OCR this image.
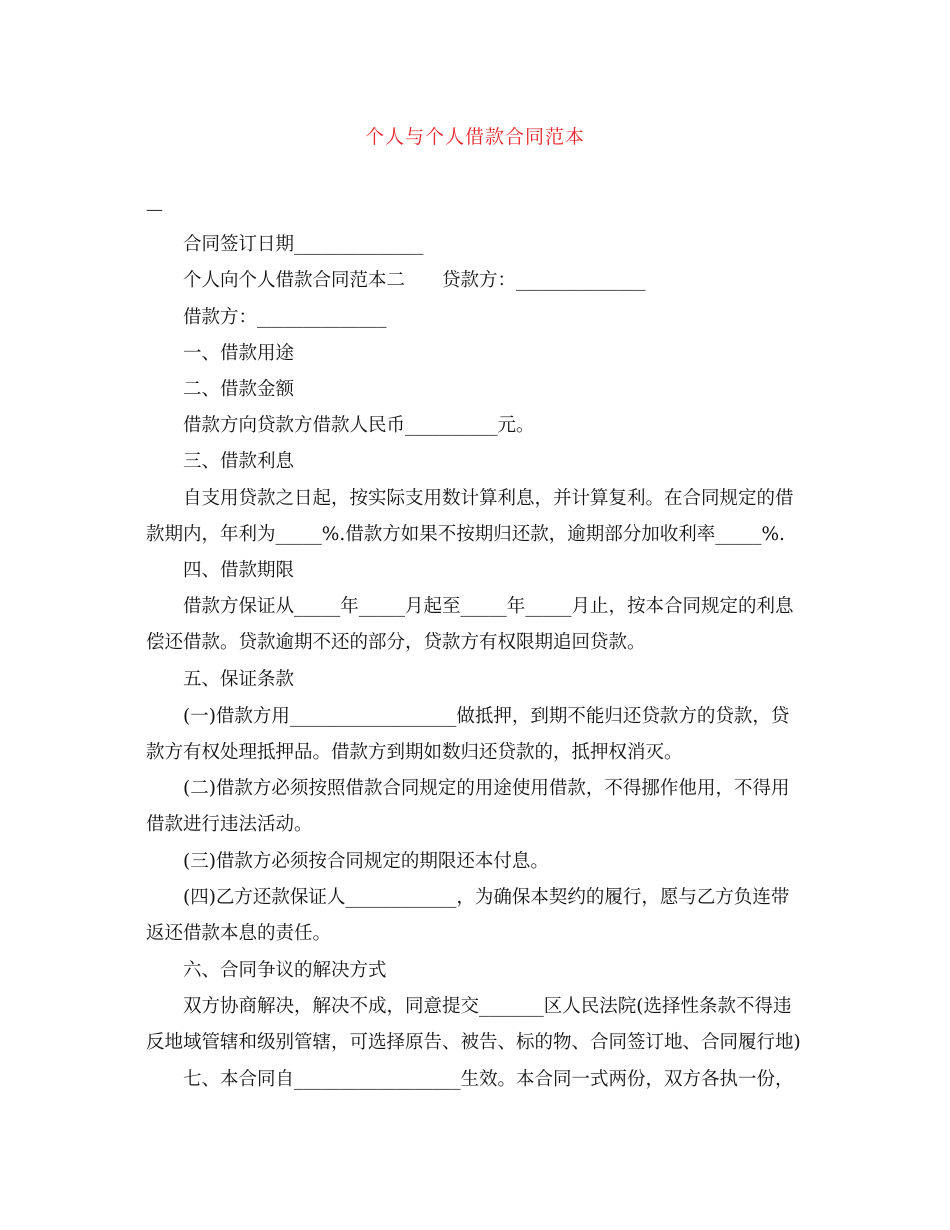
个人与个人借款合同范本
—
合同签订日期______________
个人向个人借款合同范本二　　贷款方：______________
借款方：______________
一、借款用途
二、借款金额
借款方向贷款方借款人民币__________元。
三、借款利息
自支用贷款之日起，按实际支用数计算利息，并计算复利。在合同规定的借
款期内，年利为_____%.借款方如果不按期归还款，逾期部分加收利率_____%.
四、借款期限
借款方保证从_____年_____月起至_____年_____月止，按本合同规定的利息
偿还借款。贷款逾期不还的部分，贷款方有权限期追回贷款。
五、保证条款
(一)借款方用__________________做抵押，到期不能归还贷款方的贷款，贷
款方有权处理抵押品。借款方到期如数归还贷款的，抵押权消灭。
(二)借款方必须按照借款合同规定的用途使用借款，不得挪作他用，不得用
借款进行违法活动。
(三)借款方必须按合同规定的期限还本付息。
(四)乙方还款保证人____________，为确保本契约的履行，愿与乙方负连带
返还借款本息的责任。
六、合同争议的解决方式
双方协商解决，解决不成，同意提交_______区人民法院(选择性条款不得违
反地域管辖和级别管辖，可选择原告、被告、标的物、合同签订地、合同履行地)
七、本合同自__________________生效。本合同一式两份，双方各执一份，
